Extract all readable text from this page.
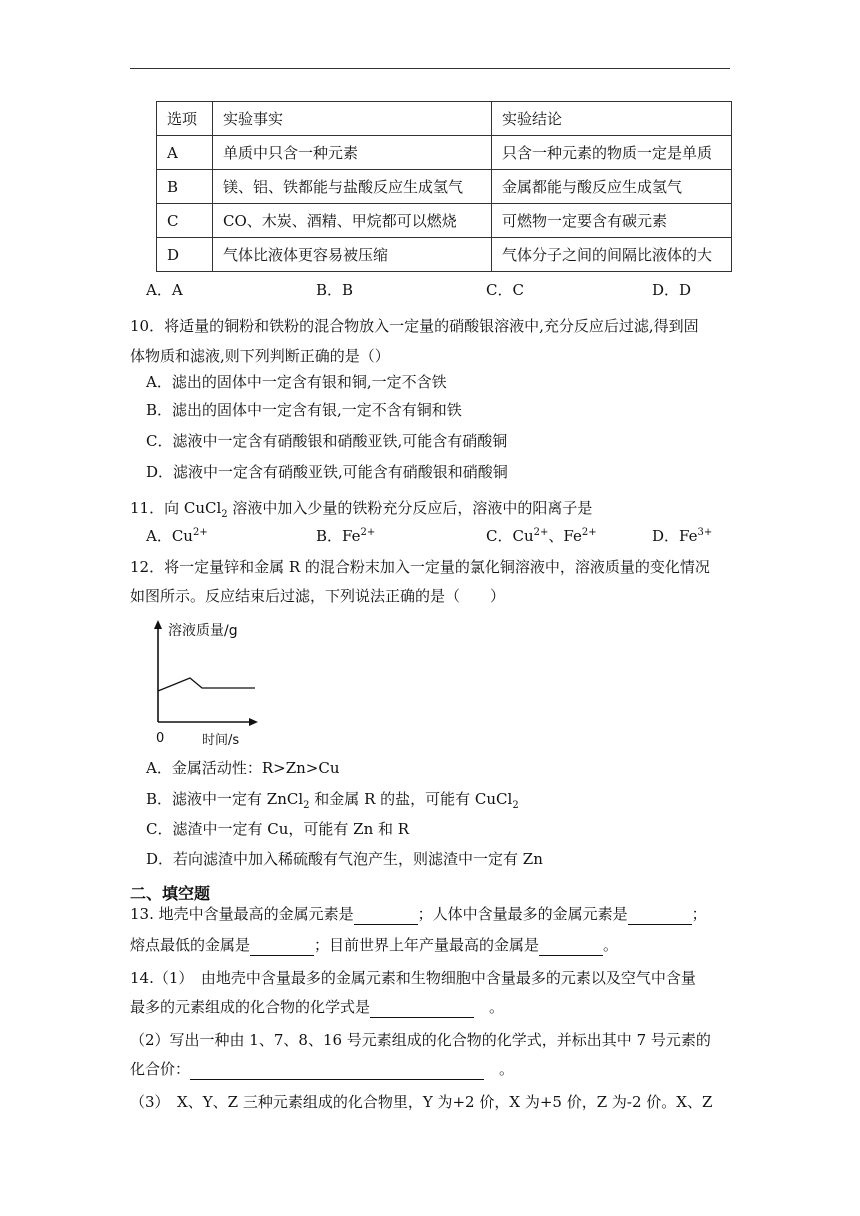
选项	实验事实	实验结论
A	单质中只含一种元素	只含一种元素的物质一定是单质
B	镁、铝、铁都能与盐酸反应生成氢气	金属都能与酸反应生成氢气
C	CO、木炭、酒精、甲烷都可以燃烧	可燃物一定要含有碳元素
D	气体比液体更容易被压缩	气体分子之间的间隔比液体的大
A．A	B．B	C．C	D．D
10．将适量的铜粉和铁粉的混合物放入一定量的硝酸银溶液中,充分反应后过滤,得到固
体物质和滤液,则下列判断正确的是（）
A．滤出的固体中一定含有银和铜,一定不含铁
B．滤出的固体中一定含有银,一定不含有铜和铁
C．滤液中一定含有硝酸银和硝酸亚铁,可能含有硝酸铜
D．滤液中一定含有硝酸亚铁,可能含有硝酸银和硝酸铜
11．向 CuCl$_2$ 溶液中加入少量的铁粉充分反应后，溶液中的阳离子是
A．$Cu^{2+}$	B．$Fe^{2+}$	C．$Cu^{2+}$、$Fe^{2+}$	D．$Fe^{3+}$
12．将一定量锌和金属 R 的混合粉末加入一定量的氯化铜溶液中，溶液质量的变化情况
如图所示。反应结束后过滤，下列说法正确的是（　　）
溶液质量/g
0	时间/s
A．金属活动性：R>Zn>Cu
B．滤液中一定有 ZnCl$_2$ 和金属 R 的盐，可能有 CuCl$_2$
C．滤渣中一定有 Cu，可能有 Zn 和 R
D．若向滤渣中加入稀硫酸有气泡产生，则滤渣中一定有 Zn
二、填空题
13. 地壳中含量最高的金属元素是	；人体中含量最多的金属元素是	；
熔点最低的金属是	；目前世界上年产量最高的金属是	。
14.（1）　由地壳中含量最多的金属元素和生物细胞中含量最多的元素以及空气中含量
最多的元素组成的化合物的化学式是	　。
（2）写出一种由 1、7、8、16 号元素组成的化合物的化学式，并标出其中 7 号元素的
化合价：	　。
（3）　X、Y、Z 三种元素组成的化合物里，Y 为+2 价，X 为+5 价，Z 为-2 价。X、Z
